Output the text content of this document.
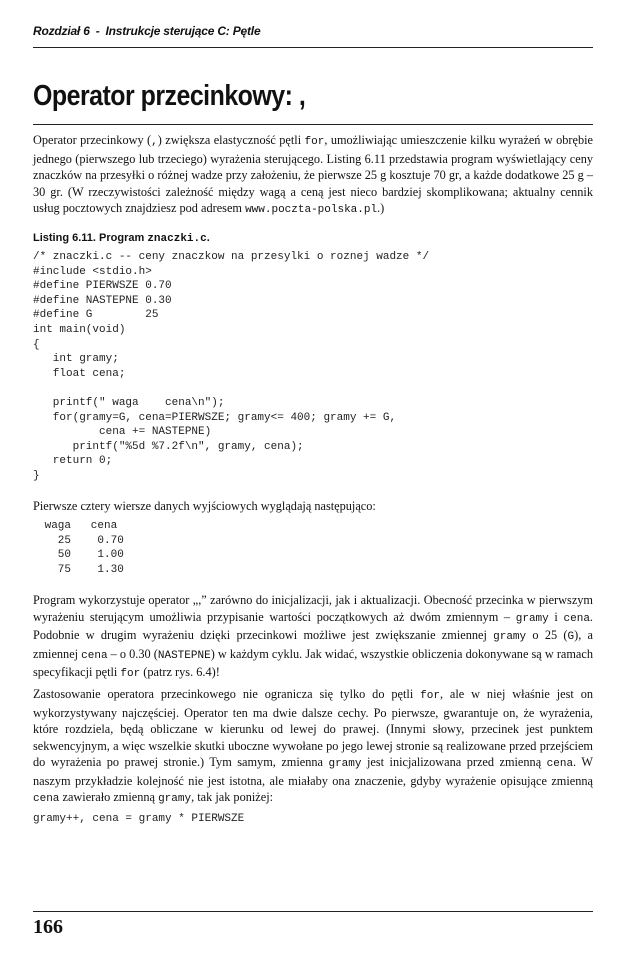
Rozdział 6 - Instrukcje sterujące C: Pętle
Operator przecinkowy: ,
Operator przecinkowy (,) zwiększa elastyczność pętli for, umożliwiając umieszczenie kilku wyrażeń w obrębie jednego (pierwszego lub trzeciego) wyrażenia sterującego. Listing 6.11 przedstawia program wyświetlający ceny znaczków na przesyłki o różnej wadze przy założeniu, że pierwsze 25 g kosztuje 70 gr, a każde dodatkowe 25 g – 30 gr. (W rzeczywistości zależność między wagą a ceną jest nieco bardziej skomplikowana; aktualny cennik usług pocztowych znajdziesz pod adresem www.poczta-polska.pl.)
Listing 6.11. Program znaczki.c.
/* znaczki.c -- ceny znaczkow na przesylki o roznej wadze */
#include <stdio.h>
#define PIERWSZE 0.70
#define NASTEPNE 0.30
#define G        25
int main(void)
{
int gramy;
float cena;

printf(" waga    cena\n");
for(gramy=G, cena=PIERWSZE; gramy<= 400; gramy += G,
cena += NASTEPNE)
printf("%5d %7.2f\n", gramy, cena);
return 0;
}
Pierwsze cztery wiersze danych wyjściowych wyglądają następująco:
waga   cena
25    0.70
50    1.00
75    1.30
Program wykorzystuje operator „,” zarówno do inicjalizacji, jak i aktualizacji. Obecność przecinka w pierwszym wyrażeniu sterującym umożliwia przypisanie wartości początkowych aż dwóm zmiennym – gramy i cena. Podobnie w drugim wyrażeniu dzięki przecinkowi możliwe jest zwiększanie zmiennej gramy o 25 (G), a zmiennej cena – o 0.30 (NASTEPNE) w każdym cyklu. Jak widać, wszystkie obliczenia dokonywane są w ramach specyfikacji pętli for (patrz rys. 6.4)!
Zastosowanie operatora przecinkowego nie ogranicza się tylko do pętli for, ale w niej właśnie jest on wykorzystywany najczęściej. Operator ten ma dwie dalsze cechy. Po pierwsze, gwarantuje on, że wyrażenia, które rozdziela, będą obliczane w kierunku od lewej do prawej. (Innymi słowy, przecinek jest punktem sekwencyjnym, a więc wszelkie skutki uboczne wywołane po jego lewej stronie są realizowane przed przejściem do wyrażenia po prawej stronie.) Tym samym, zmienna gramy jest inicjalizowana przed zmienną cena. W naszym przykładzie kolejność nie jest istotna, ale miałaby ona znaczenie, gdyby wyrażenie opisujące zmienną cena zawierało zmienną gramy, tak jak poniżej:
gramy++, cena = gramy * PIERWSZE
166
